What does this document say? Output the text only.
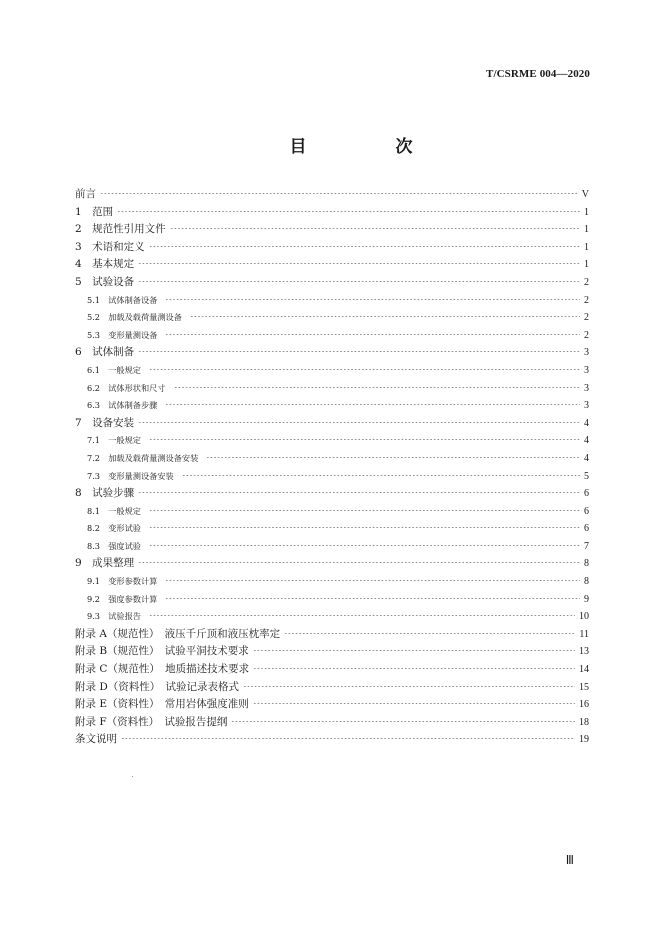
T/CSRME 004—2020
目　次
前言	V
1　范围	1
2　规范性引用文件	1
3　术语和定义	1
4　基本规定	1
5　试验设备	2
5.1　试体制备设备	2
5.2　加载及载荷量测设备	2
5.3　变形量测设备	2
6　试体制备	3
6.1　一般规定	3
6.2　试体形状和尺寸	3
6.3　试体制备步骤	3
7　设备安装	4
7.1　一般规定	4
7.2　加载及载荷量测设备安装	4
7.3　变形量测设备安装	5
8　试验步骤	6
8.1　一般规定	6
8.2　变形试验	6
8.3　强度试验	7
9　成果整理	8
9.1　变形参数计算	8
9.2　强度参数计算	9
9.3　试验报告	10
附录 A（规范性）　液压千斤顶和液压枕率定	11
附录 B（规范性）　试验平洞技术要求	13
附录 C（规范性）　地质描述技术要求	14
附录 D（资料性）　试验记录表格式	15
附录 E（资料性）　常用岩体强度准则	16
附录 F（资料性）　试验报告提纲	18
条文说明	19
Ⅲ
